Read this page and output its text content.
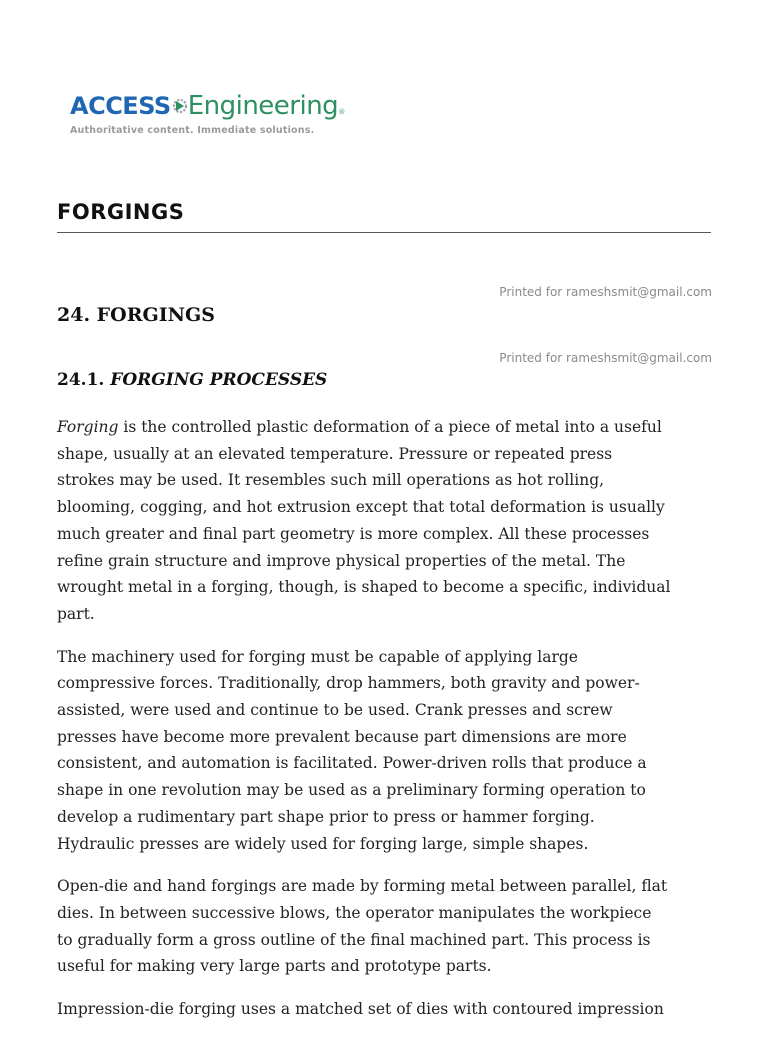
ACCESS Engineering ®
Authoritative content. Immediate solutions.
FORGINGS
Printed for rameshsmit@gmail.com
24. FORGINGS
Printed for rameshsmit@gmail.com
24.1. FORGING PROCESSES

Forging is the controlled plastic deformation of a piece of metal into a useful
shape, usually at an elevated temperature. Pressure or repeated press
strokes may be used. It resembles such mill operations as hot rolling,
blooming, cogging, and hot extrusion except that total deformation is usually
much greater and final part geometry is more complex. All these processes
refine grain structure and improve physical properties of the metal. The
wrought metal in a forging, though, is shaped to become a specific, individual
part.

The machinery used for forging must be capable of applying large
compressive forces. Traditionally, drop hammers, both gravity and power-
assisted, were used and continue to be used. Crank presses and screw
presses have become more prevalent because part dimensions are more
consistent, and automation is facilitated. Power-driven rolls that produce a
shape in one revolution may be used as a preliminary forming operation to
develop a rudimentary part shape prior to press or hammer forging.
Hydraulic presses are widely used for forging large, simple shapes.

Open-die and hand forgings are made by forming metal between parallel, flat
dies. In between successive blows, the operator manipulates the workpiece
to gradually form a gross outline of the final machined part. This process is
useful for making very large parts and prototype parts.

Impression-die forging uses a matched set of dies with contoured impression
